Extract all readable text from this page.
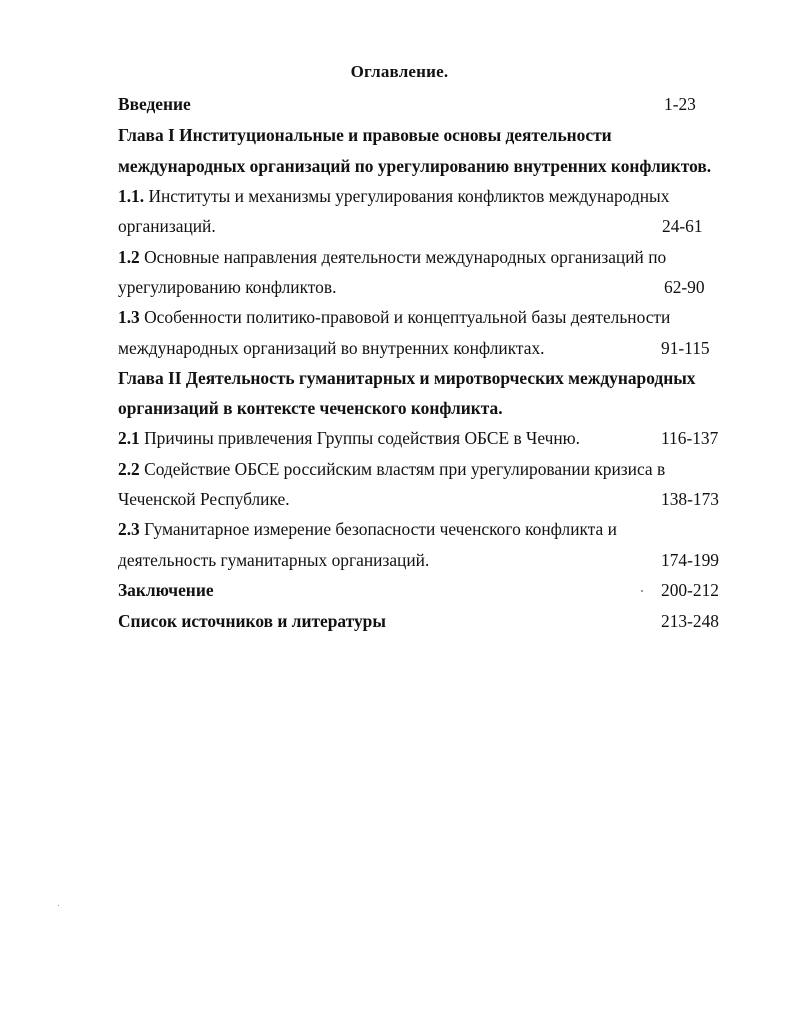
Оглавление.
Введение	1-23
Глава I Институциональные и правовые основы деятельности
международных организаций по урегулированию внутренних конфликтов.
1.1. Институты и механизмы урегулирования конфликтов международных
организаций.	24-61
1.2 Основные направления деятельности международных организаций по
урегулированию конфликтов.	62-90
1.3 Особенности политико-правовой и концептуальной базы деятельности
международных организаций во внутренних конфликтах.	91-115
Глава II Деятельность гуманитарных и миротворческих международных
организаций в контексте чеченского конфликта.
2.1 Причины привлечения Группы содействия ОБСЕ в Чечню.	116-137
2.2 Содействие ОБСЕ российским властям при урегулировании кризиса в
Чеченской Республике.	138-173
2.3 Гуманитарное измерение безопасности чеченского конфликта и
деятельность гуманитарных организаций.	174-199
Заключение	200-212
Список источников и литературы	213-248
